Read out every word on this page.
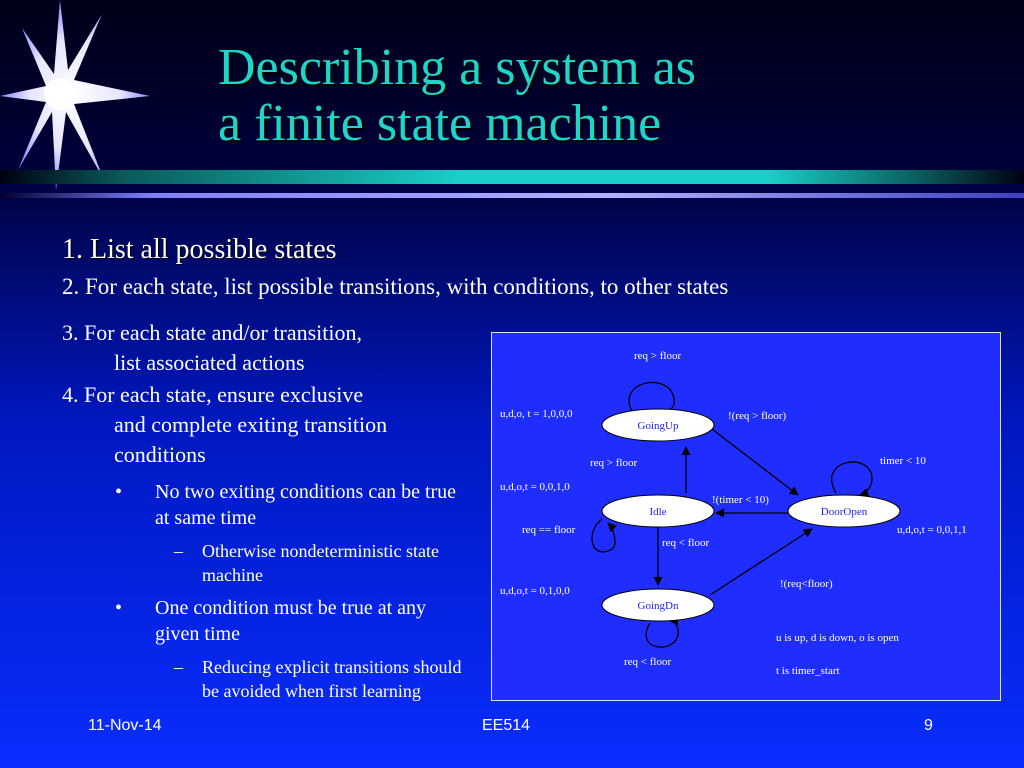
Describing a system as
a finite state machine

1. List all possible states

2. For each state, list possible transitions, with conditions, to other states

3. For each state and/or transition,
list associated actions

4. For each state, ensure exclusive
and complete exiting transition
conditions

• No two exiting conditions can be true at same time
– Otherwise nondeterministic state machine
• One condition must be true at any given time
– Reducing explicit transitions should be avoided when first learning
GoingUp
Idle	DoorOpen
GoingDn
req > floor
!(req > floor)
u,d,o, t = 1,0,0,0
timer < 10
req > floor
u,d,o,t = 0,0,1,0
!(timer < 10)
req == floor
req < floor
u,d,o,t = 0,0,1,1
!(req<floor)
u,d,o,t = 0,1,0,0
req < floor
u is up, d is down, o is open
t is timer_start
11-Nov-14	EE514	9
